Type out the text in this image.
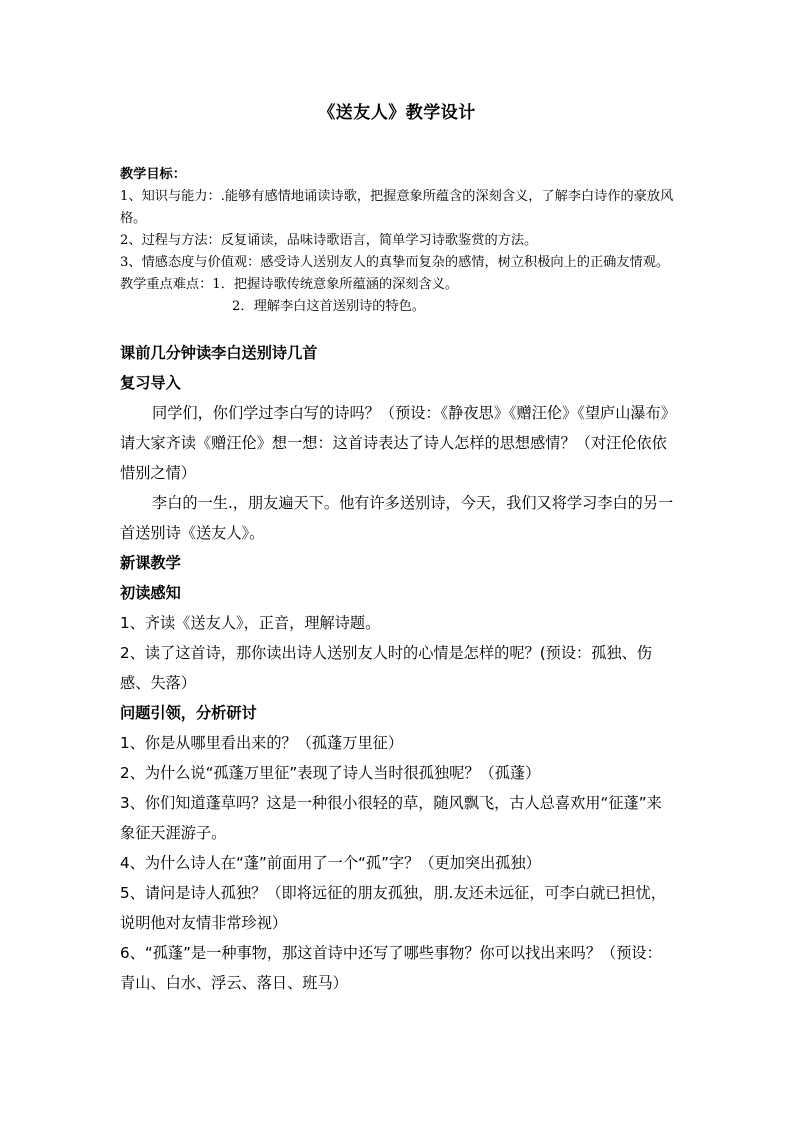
《送友人》教学设计
教学目标：

1、知识与能力：.能够有感情地诵读诗歌，把握意象所蕴含的深刻含义，了解李白诗作的豪放风格。

2、过程与方法：反复诵读，品味诗歌语言，简单学习诗歌鉴赏的方法。

3、情感态度与价值观：感受诗人送别友人的真挚而复杂的感情，树立积极向上的正确友情观。

教学重点难点：1．把握诗歌传统意象所蕴涵的深刻含义。

2．理解李白这首送别诗的特色。

课前几分钟读李白送别诗几首

复习导入

同学们，你们学过李白写的诗吗？（预设：《静夜思》《赠汪伦》《望庐山瀑布》请大家齐读《赠汪伦》想一想：这首诗表达了诗人怎样的思想感情？（对汪伦依依惜别之情）

李白的一生.，朋友遍天下。他有许多送别诗，今天，我们又将学习李白的另一首送别诗《送友人》。

新课教学

初读感知

1、齐读《送友人》，正音，理解诗题。

2、读了这首诗，那你读出诗人送别友人时的心情是怎样的呢？(预设：孤独、伤感、失落）

问题引领，分析研讨

1、你是从哪里看出来的？（孤蓬万里征）

2、为什么说“孤蓬万里征”表现了诗人当时很孤独呢？（孤蓬）

3、你们知道蓬草吗？这是一种很小很轻的草，随风飘飞，古人总喜欢用“征蓬”来象征天涯游子。

4、为什么诗人在“蓬”前面用了一个“孤”字？（更加突出孤独）

5、请问是诗人孤独？（即将远征的朋友孤独，朋.友还未远征，可李白就已担忧，说明他对友情非常珍视）

6、“孤蓬”是一种事物，那这首诗中还写了哪些事物？你可以找出来吗？（预设：青山、白水、浮云、落日、班马）
